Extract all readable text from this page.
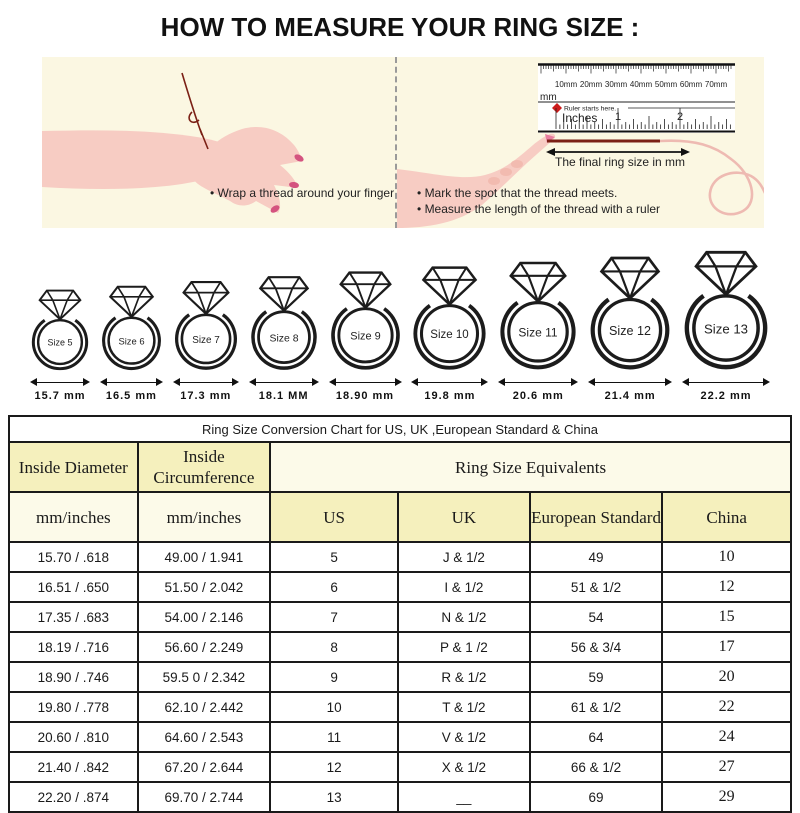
HOW TO MEASURE YOUR RING SIZE :
• Wrap a thread around your finger
10mm 20mm 30mm 40mm 50mm 60mm 70mm
mm
Ruler starts here.
Inches 1	2
The final ring size in mm
• Mark the spot that the thread meets.
• Measure the length of the thread with a ruler
Size 5
15.7 mm
Size 6
16.5 mm
Size 7
17.3 mm
Size 8
18.1 MM
Size 9
18.90 mm
Size 10
19.8 mm
Size 11
20.6 mm
Size 12
21.4 mm
Size 13
22.2 mm
Ring Size Conversion Chart for US, UK ,European Standard & China					
Inside Diameter	Inside Circumference	Ring Size Equivalents			
mm/inches	mm/inches	US	UK	European Standard	China
15.70 / .618	49.00 / 1.941	5	J & 1/2	49	10
16.51 / .650	51.50 / 2.042	6	I & 1/2	51 & 1/2	12
17.35 / .683	54.00 / 2.146	7	N & 1/2	54	15
18.19 / .716	56.60 / 2.249	8	P & 1 /2	56 & 3/4	17
18.90 / .746	59.5 0 / 2.342	9	R & 1/2	59	20
19.80 / .778	62.10 / 2.442	10	T & 1/2	61 & 1/2	22
20.60 / .810	64.60 / 2.543	11	V & 1/2	64	24
21.40 / .842	67.20 / 2.644	12	X & 1/2	66 & 1/2	27
22.20 / .874	69.70 / 2.744	13	__	69	29
